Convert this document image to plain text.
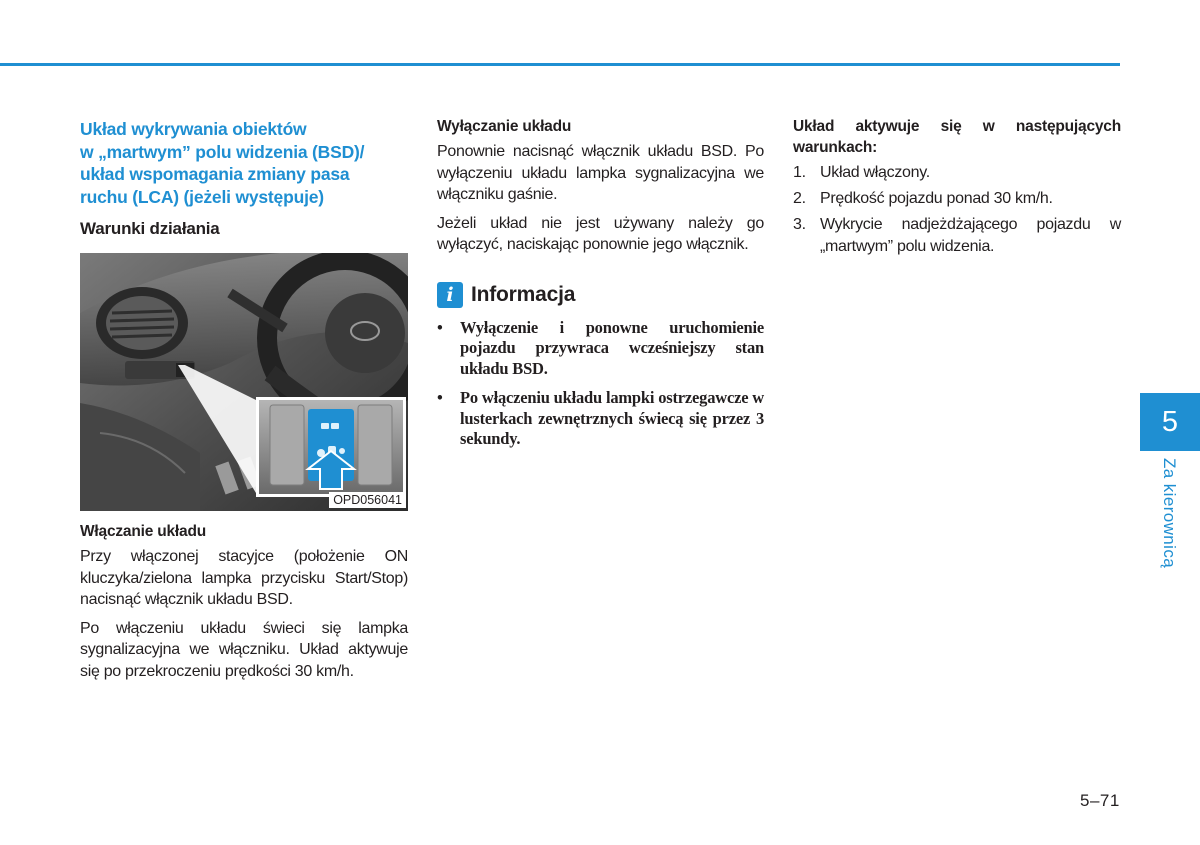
Układ wykrywania obiektów
w „martwym” polu widzenia (BSD)/
układ wspomagania zmiany pasa
ruchu (LCA) (jeżeli występuje)
Warunki działania
OPD056041
Włączanie układu

Przy włączonej stacyjce (położenie ON kluczyka/zielona lampka przycisku Start/Stop) nacisnąć włącznik układu BSD.

Po włączeniu układu świeci się lampka sygnalizacyjna we włączniku. Układ aktywuje się po przekroczeniu prędkości 30 km/h.

Wyłączanie układu

Ponownie nacisnąć włącznik układu BSD. Po wyłączeniu układu lampka sygnalizacyjna we włączniku gaśnie.

Jeżeli układ nie jest używany należy go wyłączyć, naciskając ponownie jego włącznik.

i Informacja
• Wyłączenie i ponowne uruchomienie pojazdu przywraca wcześniejszy stan układu BSD.
• Po włączeniu układu lampki ostrzegawcze w lusterkach zewnętrznych świecą się przez 3 sekundy.
Układ aktywuje się w następujących warunkach:
1. Układ włączony.
2. Prędkość pojazdu ponad 30 km/h.
3. Wykrycie nadjeżdżającego pojazdu w „martwym” polu widzenia.
5
Za kierownicą
5–71
